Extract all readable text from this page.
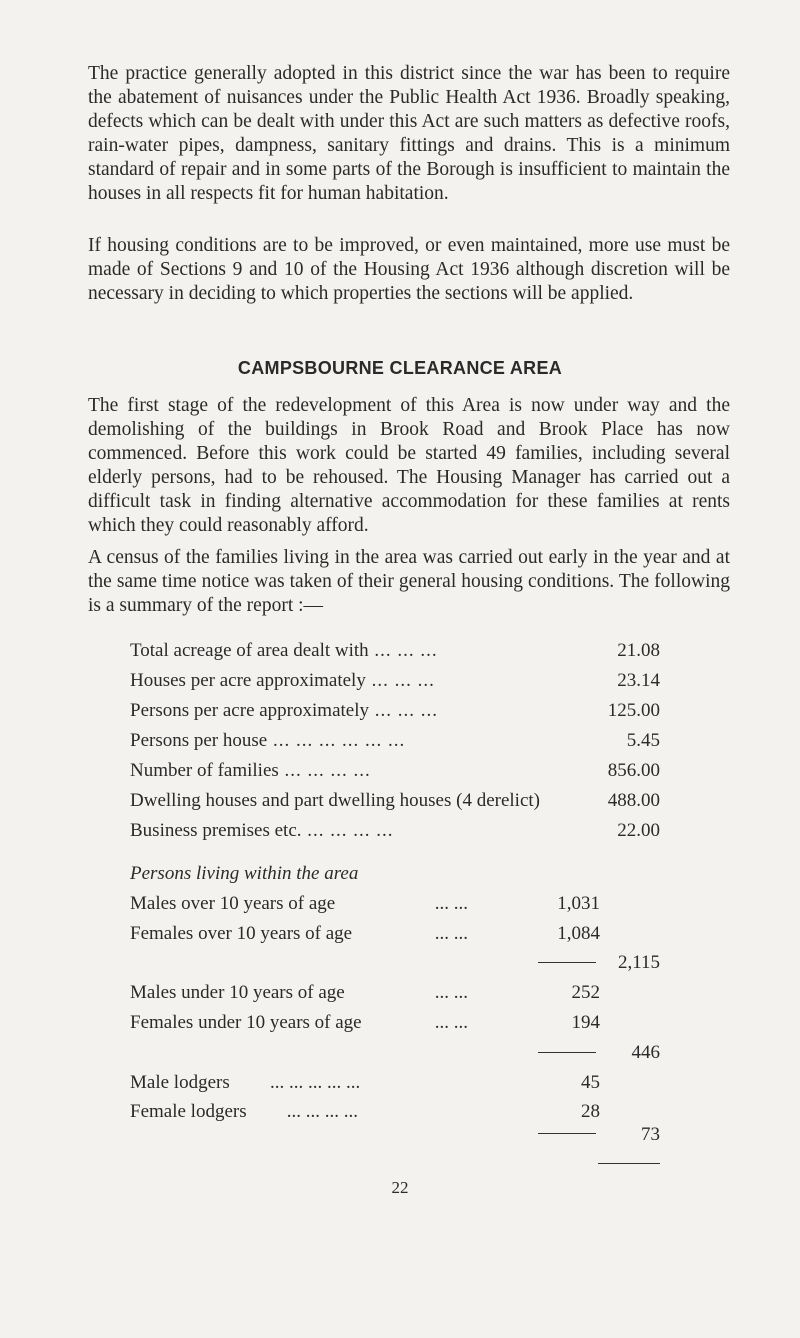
The practice generally adopted in this district since the war has been to require the abatement of nuisances under the Public Health Act 1936. Broadly speaking, defects which can be dealt with under this Act are such matters as defective roofs, rain-water pipes, dampness, sanitary fittings and drains. This is a minimum standard of repair and in some parts of the Borough is insufficient to maintain the houses in all respects fit for human habitation.

If housing conditions are to be improved, or even maintained, more use must be made of Sections 9 and 10 of the Housing Act 1936 although discretion will be necessary in deciding to which properties the sections will be applied.

CAMPSBOURNE CLEARANCE AREA

The first stage of the redevelopment of this Area is now under way and the demolishing of the buildings in Brook Road and Brook Place has now commenced. Before this work could be started 49 families, including several elderly persons, had to be rehoused. The Housing Manager has carried out a difficult task in finding alternative accommodation for these families at rents which they could reasonably afford.

A census of the families living in the area was carried out early in the year and at the same time notice was taken of their general housing conditions. The following is a summary of the report :—

Total acreage of area dealt with ... ... ...	21.08
Houses per acre approximately ... ... ...	23.14
Persons per acre approximately ... ... ...	125.00
Persons per house ... ... ... ... ... ...	5.45
Number of families ... ... ... ...	856.00
Dwelling houses and part dwelling houses (4 derelict)	488.00
Business premises etc. ... ... ... ...	22.00
Persons living within the area
Males over 10 years of age	... ...	1,031
Females over 10 years of age	... ...	1,084
2,115
Males under 10 years of age	... ...	252
Females under 10 years of age	... ...	194
446
Male lodgers ... ... ... ... ...	45
Female lodgers ... ... ... ...	28
73
22
